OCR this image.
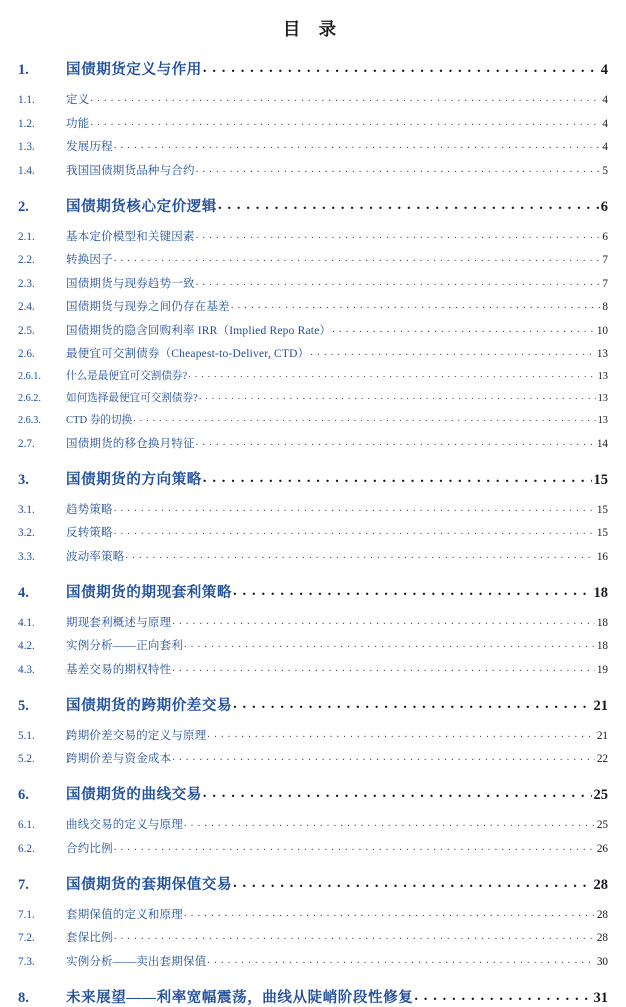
目 录
1.	国债期货定义与作用 . . .	4
1.1.	定义 . . .	4
1.2.	功能 . . .	4
1.3.	发展历程 . . .	4
1.4.	我国国债期货品种与合约 . . .	5
2.	国债期货核心定价逻辑 . . .	6
2.1.	基本定价模型和关键因素 . . .	6
2.2.	转换因子 . . .	7
2.3.	国债期货与现券趋势一致 . . .	7
2.4.	国债期货与现券之间仍存在基差 . . .	8
2.5.	国债期货的隐含回购利率 IRR（Implied Repo Rate） . . .	10
2.6.	最便宜可交割债券（Cheapest-to-Deliver, CTD） . . .	13
2.6.1.	什么是最便宜可交割债券? . . .	13
2.6.2.	如何选择最便宜可交割债券? . . .	13
2.6.3.	CTD 券的切换 . . .	13
2.7.	国债期货的移仓换月特征 . . .	14
3.	国债期货的方向策略 . . .	15
3.1.	趋势策略 . . .	15
3.2.	反转策略 . . .	15
3.3.	波动率策略 . . .	16
4.	国债期货的期现套利策略 . . .	18
4.1.	期现套利概述与原理 . . .	18
4.2.	实例分析——正向套利 . . .	18
4.3.	基差交易的期权特性 . . .	19
5.	国债期货的跨期价差交易 . . .	21
5.1.	跨期价差交易的定义与原理 . . .	21
5.2.	跨期价差与资金成本 . . .	22
6.	国债期货的曲线交易 . . .	25
6.1.	曲线交易的定义与原理 . . .	25
6.2.	合约比例 . . .	26
7.	国债期货的套期保值交易 . . .	28
7.1.	套期保值的定义和原理 . . .	28
7.2.	套保比例 . . .	28
7.3.	实例分析——卖出套期保值 . . .	30
8.	未来展望——利率宽幅震荡，曲线从陡峭阶段性修复 . . .	31
